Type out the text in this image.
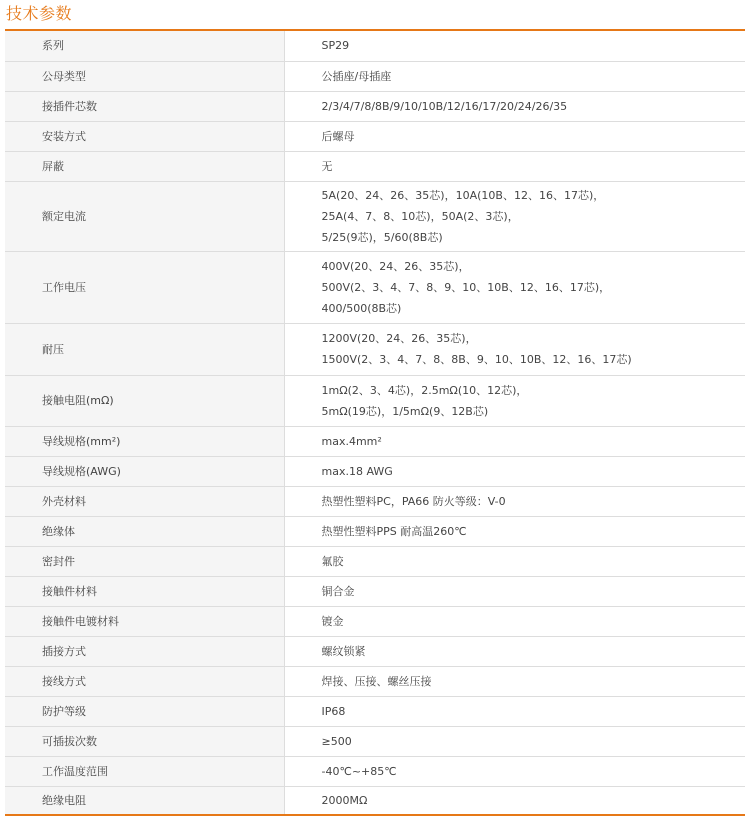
技术参数
系列	SP29

公母类型	公插座/母插座

接插件芯数	2/3/4/7/8/8B/9/10/10B/12/16/17/20/24/26/35

安装方式	后螺母

屏蔽	无

额定电流	5A(20、24、26、35芯)，10A(10B、12、16、17芯)，
25A(4、7、8、10芯)，50A(2、3芯)，
5/25(9芯)，5/60(8B芯)

工作电压	400V(20、24、26、35芯)，
500V(2、3、4、7、8、9、10、10B、12、16、17芯)，
400/500(8B芯)

耐压	1200V(20、24、26、35芯)，
1500V(2、3、4、7、8、8B、9、10、10B、12、16、17芯)

接触电阻(mΩ)	1mΩ(2、3、4芯)，2.5mΩ(10、12芯)，
5mΩ(19芯)，1/5mΩ(9、12B芯)

导线规格(mm²)	max.4mm²

导线规格(AWG)	max.18 AWG

外壳材料	热塑性塑料PC，PA66 防火等级：V-0

绝缘体	热塑性塑料PPS 耐高温260℃

密封件	氟胶

接触件材料	铜合金

接触件电镀材料	镀金

插接方式	螺纹锁紧

接线方式	焊接、压接、螺丝压接

防护等级	IP68

可插拔次数	≥500

工作温度范围	-40℃~+85℃

绝缘电阻	2000MΩ
